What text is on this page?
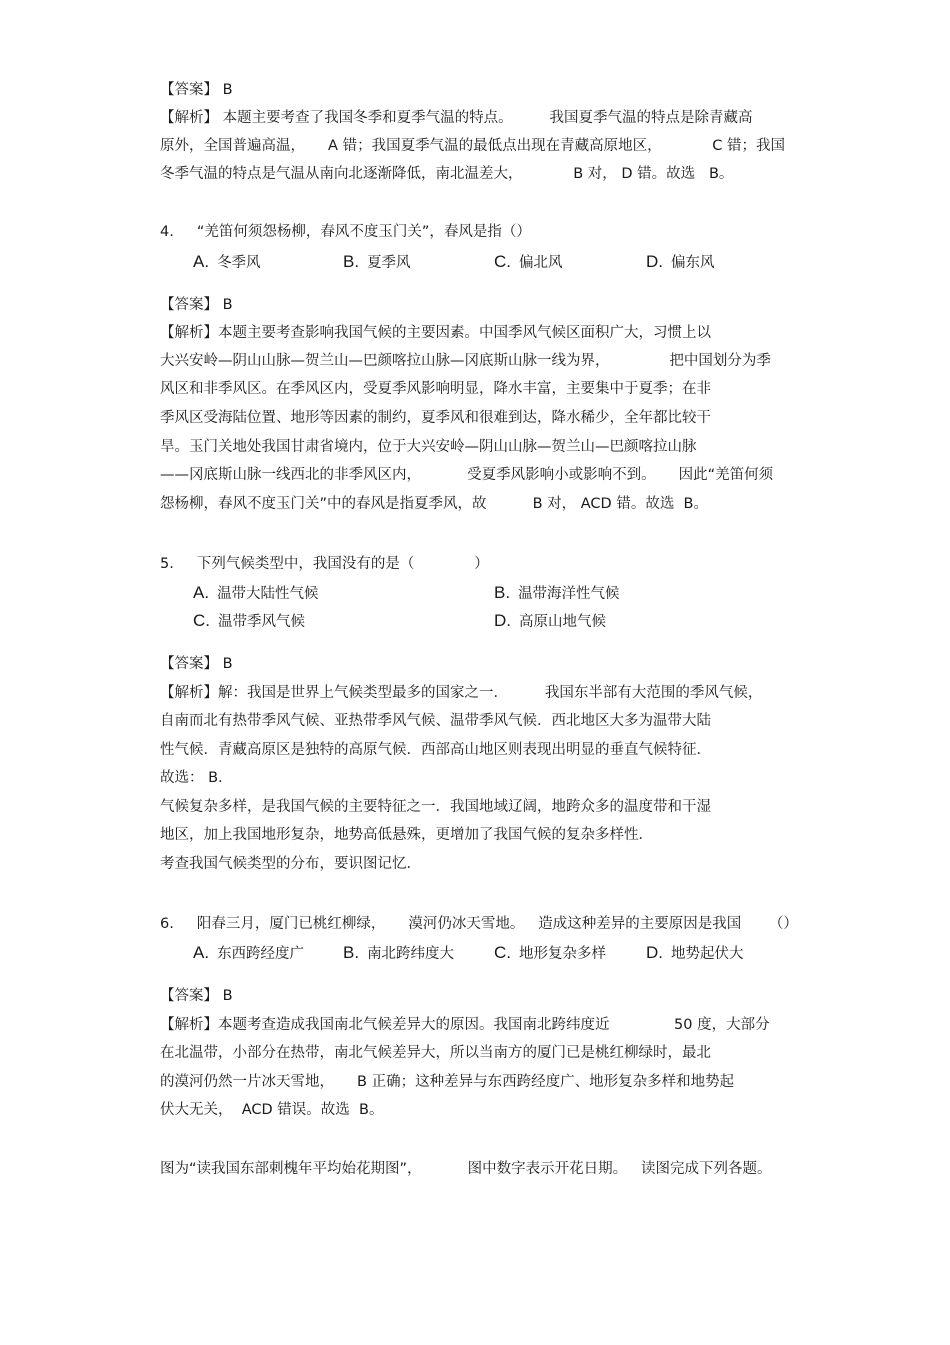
【答案】 B
【解析】 本题主要考查了我国冬季和夏季气温的特点。        我国夏季气温的特点是除青藏高
原外，全国普遍高温，     A 错；我国夏季气温的最低点出现在青藏高原地区，           C 错；我国
冬季气温的特点是气温从南向北逐渐降低，南北温差大，           B 对， D 错。故选   B。
4.     “羌笛何须怨杨柳，春风不度玉门关”，春风是指（）
A. 冬季风	B. 夏季风	C. 偏北风	D. 偏东风
【答案】 B
【解析】本题主要考查影响我国气候的主要因素。中国季风气候区面积广大，习惯上以
大兴安岭—阴山山脉—贺兰山—巴颜喀拉山脉—冈底斯山脉一线为界，             把中国划分为季
风区和非季风区。在季风区内，受夏季风影响明显，降水丰富，主要集中于夏季；在非
季风区受海陆位置、地形等因素的制约，夏季风和很难到达，降水稀少，全年都比较干
旱。玉门关地处我国甘肃省境内，位于大兴安岭—阴山山脉—贺兰山—巴颜喀拉山脉
——冈底斯山脉一线西北的非季风区内，          受夏季风影响小或影响不到。     因此“羌笛何须
怨杨柳，春风不度玉门关”中的春风是指夏季风，故          B 对， ACD 错。故选  B。
5.     下列气候类型中，我国没有的是（             ）
A. 温带大陆性气候	B. 温带海洋性气候
C. 温带季风气候	D. 高原山地气候
【答案】 B
【解析】解：我国是世界上气候类型最多的国家之一．        我国东半部有大范围的季风气候，
自南而北有热带季风气候、亚热带季风气候、温带季风气候．西北地区大多为温带大陆
性气候．青藏高原区是独特的高原气候．西部高山地区则表现出明显的垂直气候特征．
故选： B．
气候复杂多样，是我国气候的主要特征之一．我国地域辽阔，地跨众多的温度带和干湿
地区，加上我国地形复杂，地势高低悬殊，更增加了我国气候的复杂多样性．
考查我国气候类型的分布，要识图记忆．
6.     阳春三月，厦门已桃红柳绿，     漠河仍冰天雪地。   造成这种差异的主要原因是我国      （）
A. 东西跨经度广 B. 南北跨纬度大 C. 地形复杂多样 D. 地势起伏大
【答案】 B
【解析】本题考查造成我国南北气候差异大的原因。我国南北跨纬度近              50 度，大部分
在北温带，小部分在热带，南北气候差异大，所以当南方的厦门已是桃红柳绿时，最北
的漠河仍然一片冰天雪地，     B 正确；这种差异与东西跨经度广、地形复杂多样和地势起
伏大无关，  ACD 错误。故选  B。
图为“读我国东部刺槐年平均始花期图”，          图中数字表示开花日期。   读图完成下列各题。
